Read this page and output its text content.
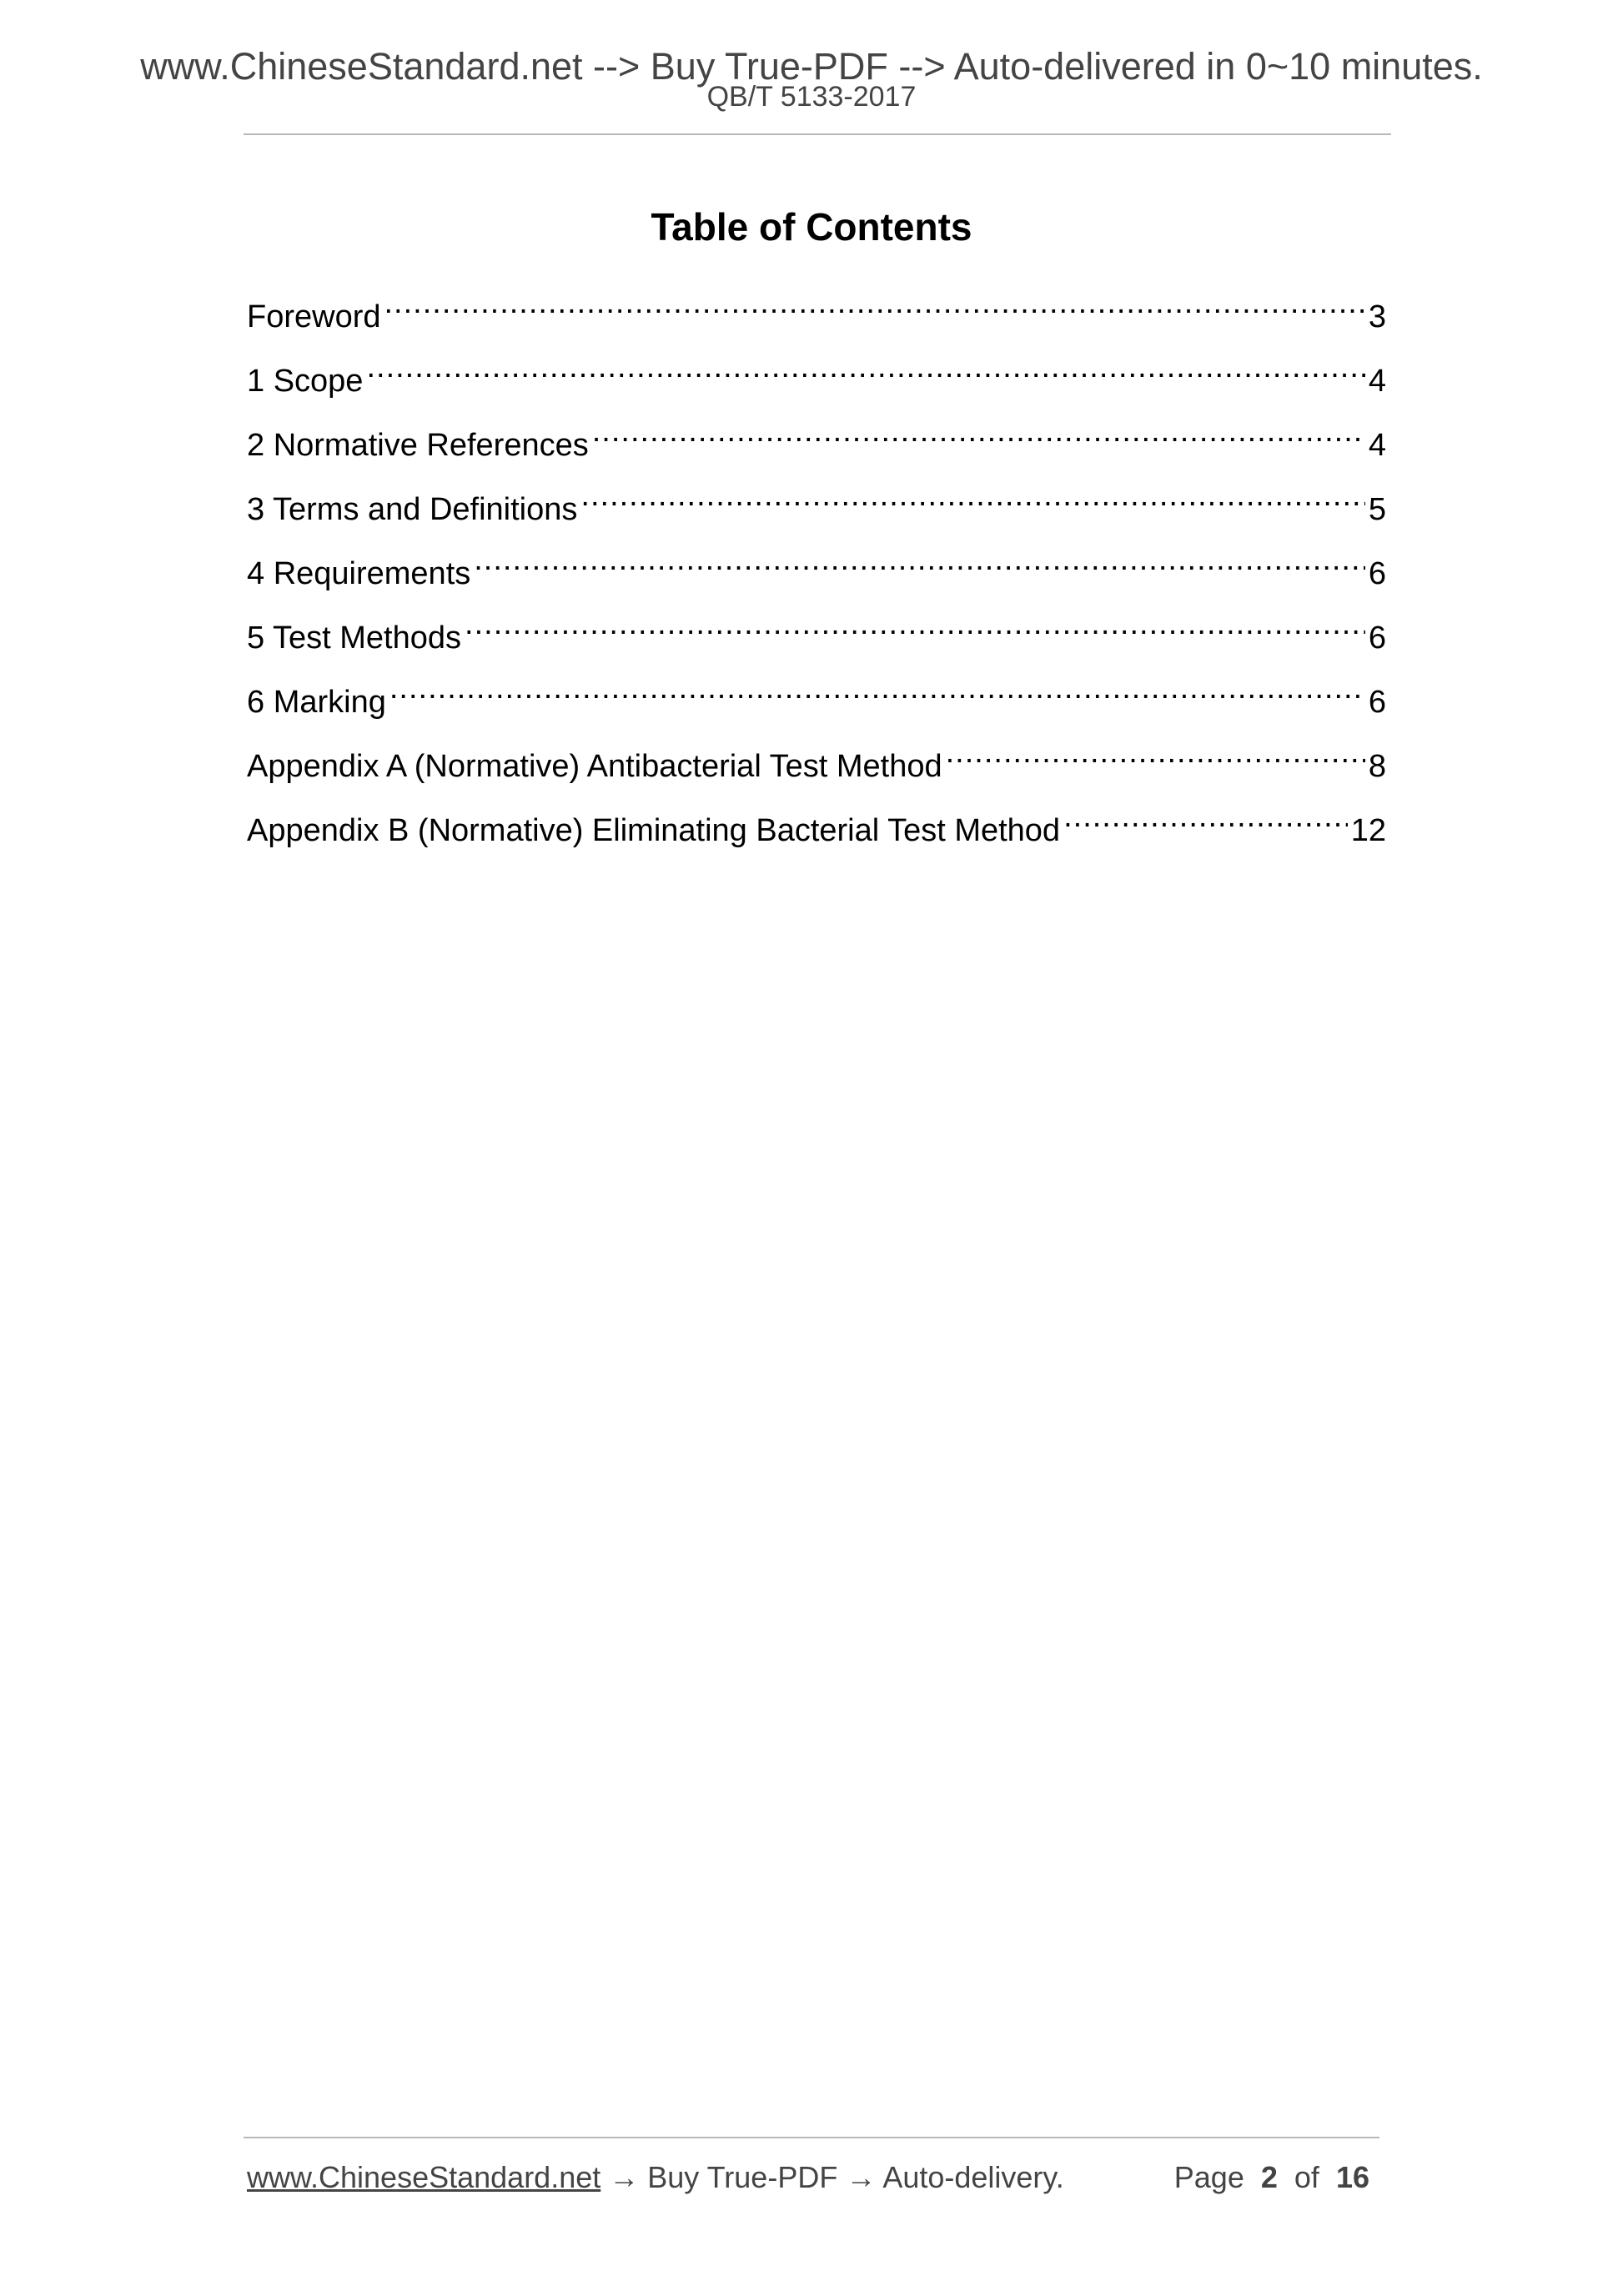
www.ChineseStandard.net --> Buy True-PDF --> Auto-delivered in 0~10 minutes.
QB/T 5133-2017
Table of Contents
Foreword .....	3
1 Scope .....	4
2 Normative References .....	4
3 Terms and Definitions .....	5
4 Requirements .....	6
5 Test Methods .....	6
6 Marking .....	6
Appendix A (Normative) Antibacterial Test Method .....	8
Appendix B (Normative) Eliminating Bacterial Test Method .....	12
www.ChineseStandard.net → Buy True-PDF → Auto-delivery.	Page 2 of 16
